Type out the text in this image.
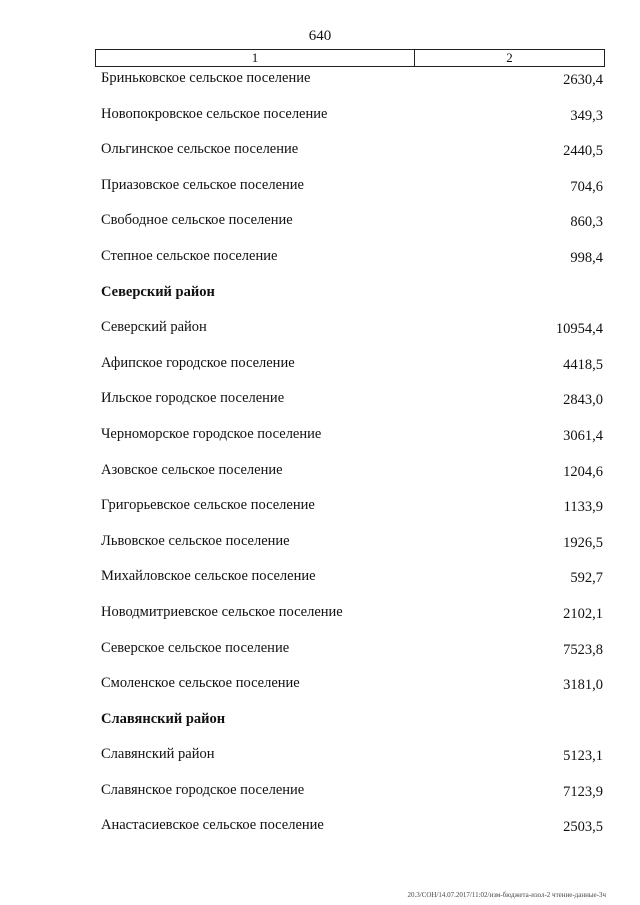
640
1	2
Бриньковское сельское поселение	2630,4
Новопокровское сельское поселение	349,3
Ольгинское сельское поселение	2440,5
Приазовское сельское поселение	704,6
Свободное сельское поселение	860,3
Степное сельское поселение	998,4
Северский район
Северский район	10954,4
Афипское городское поселение	4418,5
Ильское городское поселение	2843,0
Черноморское городское поселение	3061,4
Азовское сельское поселение	1204,6
Григорьевское сельское поселение	1133,9
Львовское сельское поселение	1926,5
Михайловское сельское поселение	592,7
Новодмитриевское сельское поселение	2102,1
Северское сельское поселение	7523,8
Смоленское сельское поселение	3181,0
Славянский район
Славянский район	5123,1
Славянское городское поселение	7123,9
Анастасиевское сельское поселение	2503,5
20.3/СОН/14.07.2017/11:02/изм-бюджета-изол-2 чтение-данные-3ч
